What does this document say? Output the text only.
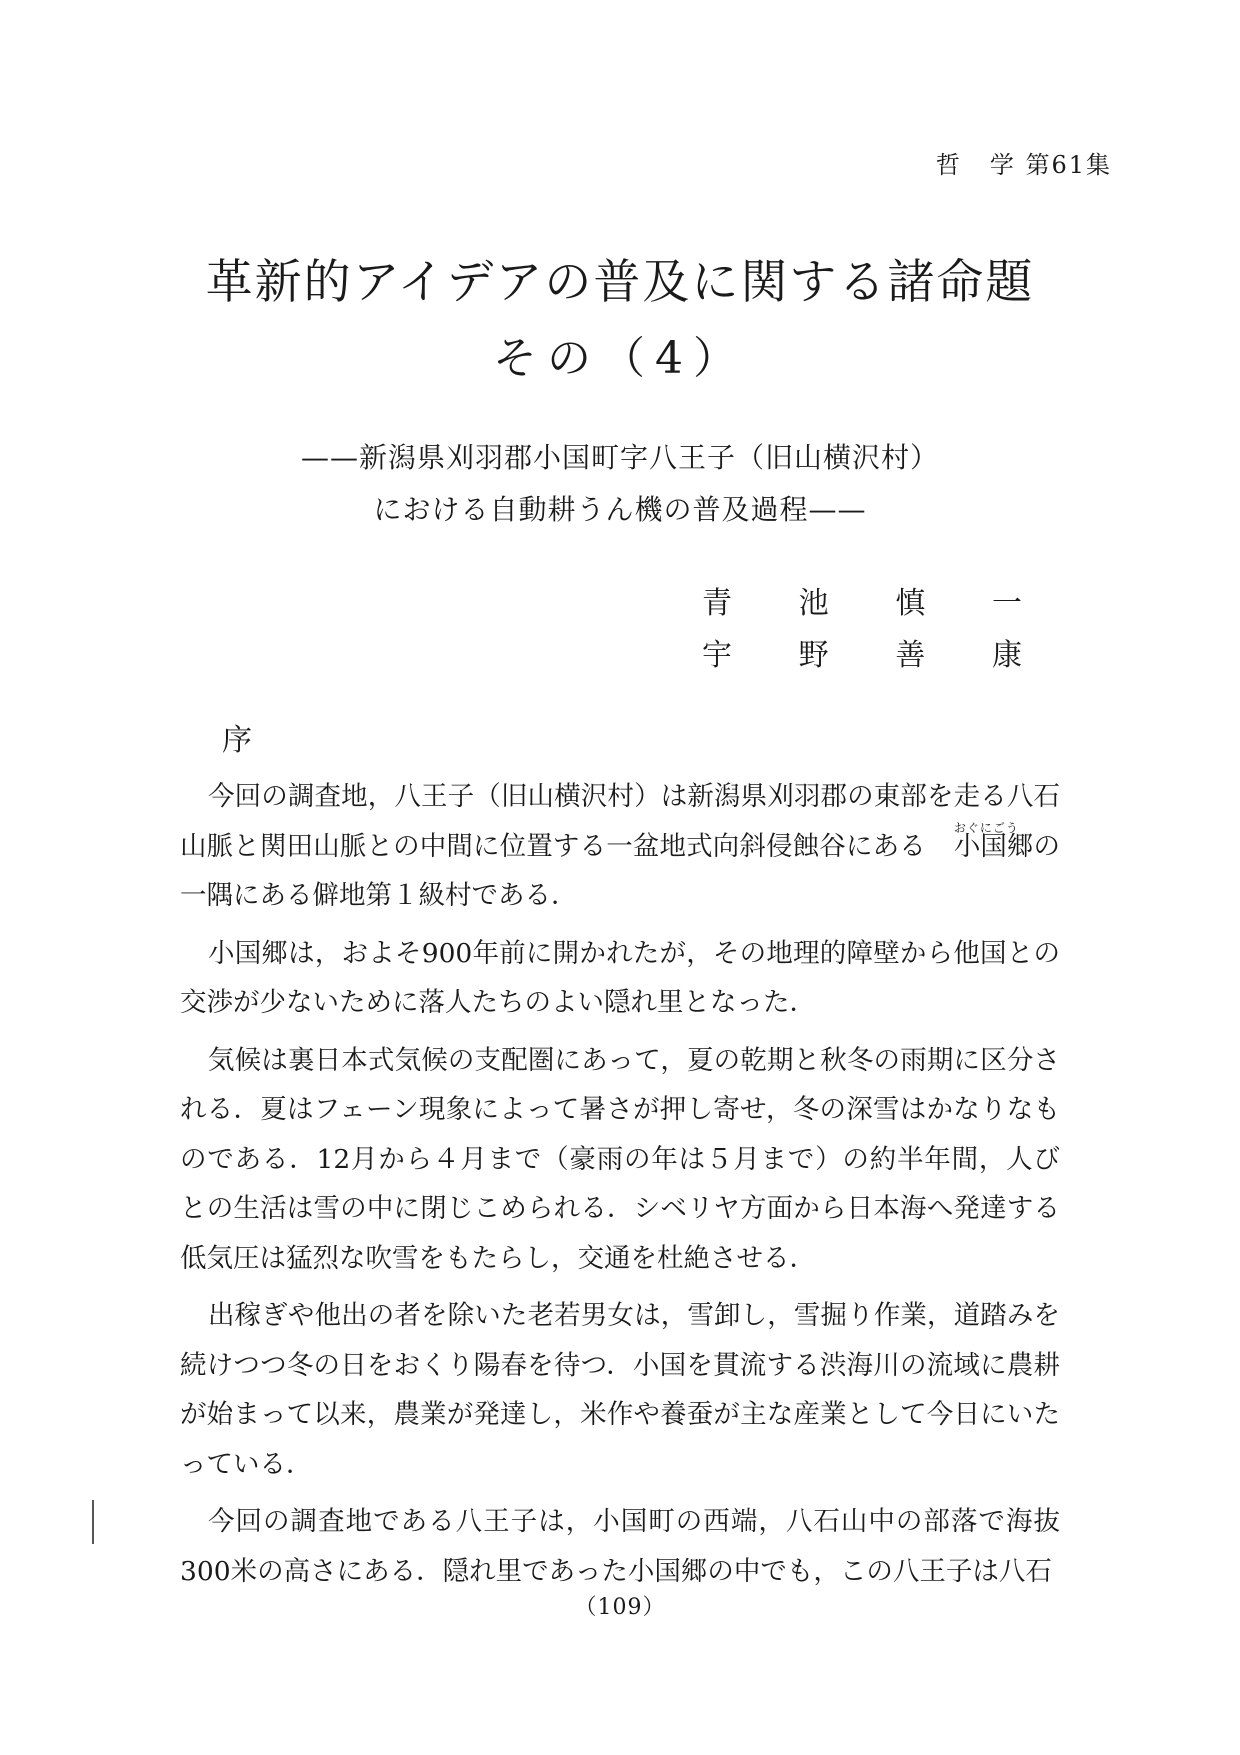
哲 学 第61集
革新的アイデアの普及に関する諸命題
その（4）
——新潟県刈羽郡小国町字八王子（旧山横沢村）
における自動耕うん機の普及過程——
青 池 慎 一
宇 野 善 康
序

今回の調査地，八王子（旧山横沢村）は新潟県刈羽郡の東部を走る八石山脈と関田山脈との中間に位置する一盆地式向斜侵蝕谷にある
おぐにごう
小国郷の一隅にある僻地第１級村である．

小国郷は，およそ900年前に開かれたが，その地理的障壁から他国との交渉が少ないために落人たちのよい隠れ里となった．

気候は裏日本式気候の支配圏にあって，夏の乾期と秋冬の雨期に区分される．夏はフェーン現象によって暑さが押し寄せ，冬の深雪はかなりなものである．12月から４月まで（豪雨の年は５月まで）の約半年間，人びとの生活は雪の中に閉じこめられる．シベリヤ方面から日本海へ発達する低気圧は猛烈な吹雪をもたらし，交通を杜絶させる．

出稼ぎや他出の者を除いた老若男女は，雪卸し，雪掘り作業，道踏みを続けつつ冬の日をおくり陽春を待つ．小国を貫流する渋海川の流域に農耕が始まって以来，農業が発達し，米作や養蚕が主な産業として今日にいたっている．

今回の調査地である八王子は，小国町の西端，八石山中の部落で海抜300米の高さにある．隠れ里であった小国郷の中でも，この八王子は八石

（109）
